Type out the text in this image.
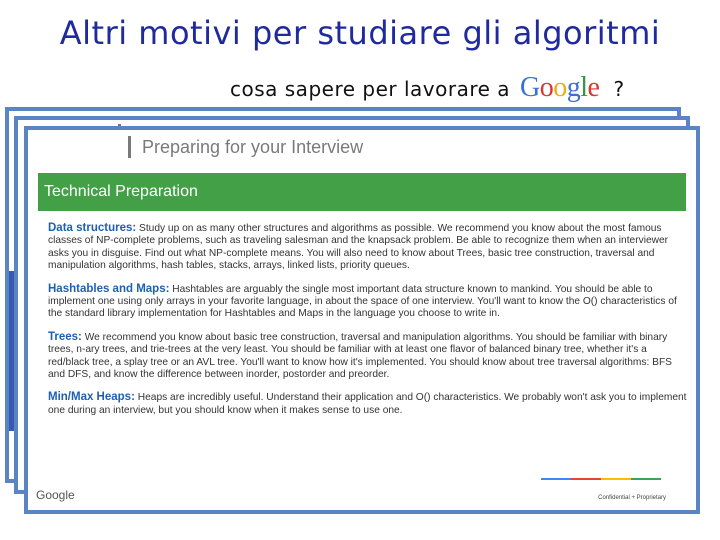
Altri motivi per studiare gli algoritmi
cosa sapere per lavorare a Google ?
Preparing for your Interview
Technical Preparation

Data structures: Study up on as many other structures and algorithms as possible. We recommend you know about the most famous classes of NP-complete problems, such as traveling salesman and the knapsack problem. Be able to recognize them when an interviewer asks you in disguise. Find out what NP-complete means. You will also need to know about Trees, basic tree construction, traversal and manipulation algorithms, hash tables, stacks, arrays, linked lists, priority queues.

Hashtables and Maps: Hashtables are arguably the single most important data structure known to mankind. You should be able to implement one using only arrays in your favorite language, in about the space of one interview. You'll want to know the O() characteristics of the standard library implementation for Hashtables and Maps in the language you choose to write in.

Trees: We recommend you know about basic tree construction, traversal and manipulation algorithms. You should be familiar with binary trees, n-ary trees, and trie-trees at the very least. You should be familiar with at least one flavor of balanced binary tree, whether it's a red/black tree, a splay tree or an AVL tree. You'll want to know how it's implemented. You should know about tree traversal algorithms: BFS and DFS, and know the difference between inorder, postorder and preorder.

Min/Max Heaps: Heaps are incredibly useful. Understand their application and O() characteristics. We probably won't ask you to implement one during an interview, but you should know when it makes sense to use one.

Google	Confidential + Proprietary
